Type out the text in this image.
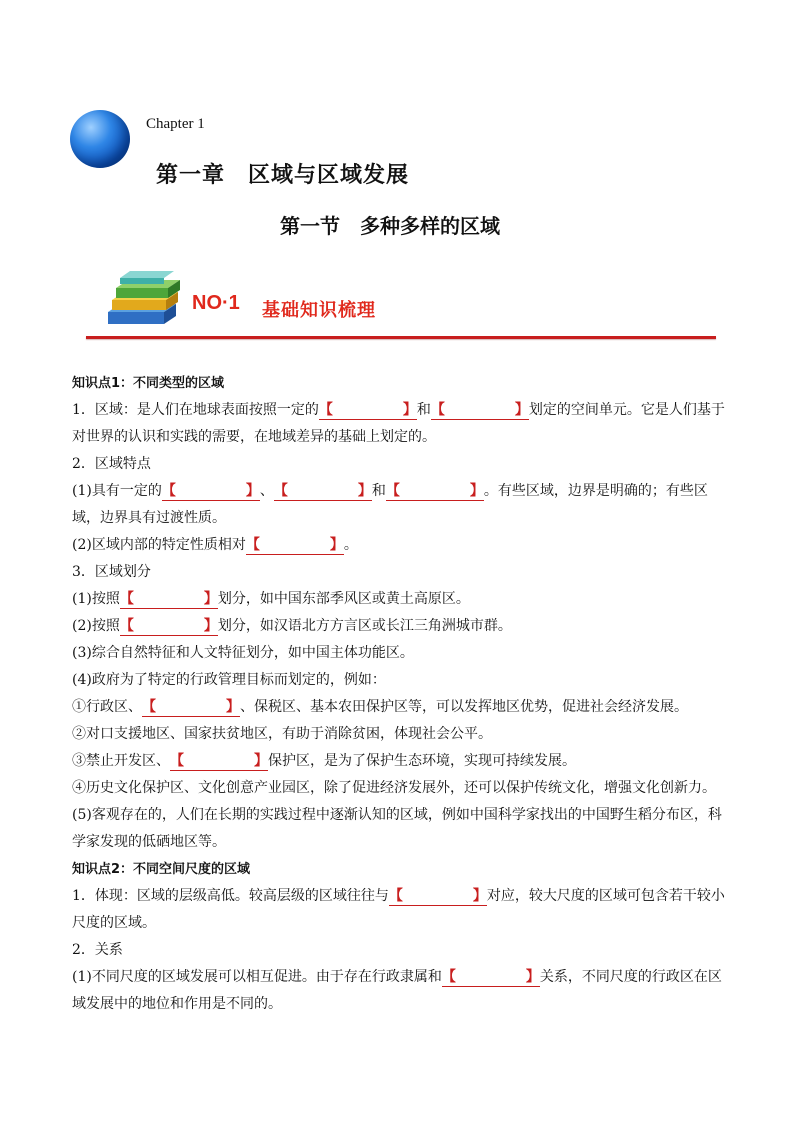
Chapter 1
第一章　区域与区域发展
第一节　多种多样的区域
NO·1 基础知识梳理

知识点1：不同类型的区域

1．区域：是人们在地球表面按照一定的【　　　　　】和【　　　　　】划定的空间单元。它是人们基于对世界的认识和实践的需要，在地域差异的基础上划定的。

2．区域特点

(1)具有一定的【　　　　　】、【　　　　　】和【　　　　　】。有些区域，边界是明确的；有些区域，边界具有过渡性质。

(2)区域内部的特定性质相对【　　　　　】。

3．区域划分

(1)按照【　　　　　】划分，如中国东部季风区或黄土高原区。

(2)按照【　　　　　】划分，如汉语北方方言区或长江三角洲城市群。

(3)综合自然特征和人文特征划分，如中国主体功能区。

(4)政府为了特定的行政管理目标而划定的，例如：

①行政区、【　　　　　】、保税区、基本农田保护区等，可以发挥地区优势，促进社会经济发展。

②对口支援地区、国家扶贫地区，有助于消除贫困，体现社会公平。

③禁止开发区、【　　　　　】保护区，是为了保护生态环境，实现可持续发展。

④历史文化保护区、文化创意产业园区，除了促进经济发展外，还可以保护传统文化，增强文化创新力。

(5)客观存在的，人们在长期的实践过程中逐渐认知的区域，例如中国科学家找出的中国野生稻分布区，科学家发现的低硒地区等。

知识点2：不同空间尺度的区域

1．体现：区域的层级高低。较高层级的区域往往与【　　　　　】对应，较大尺度的区域可包含若干较小尺度的区域。

2．关系

(1)不同尺度的区域发展可以相互促进。由于存在行政隶属和【　　　　　】关系，不同尺度的行政区在区域发展中的地位和作用是不同的。
